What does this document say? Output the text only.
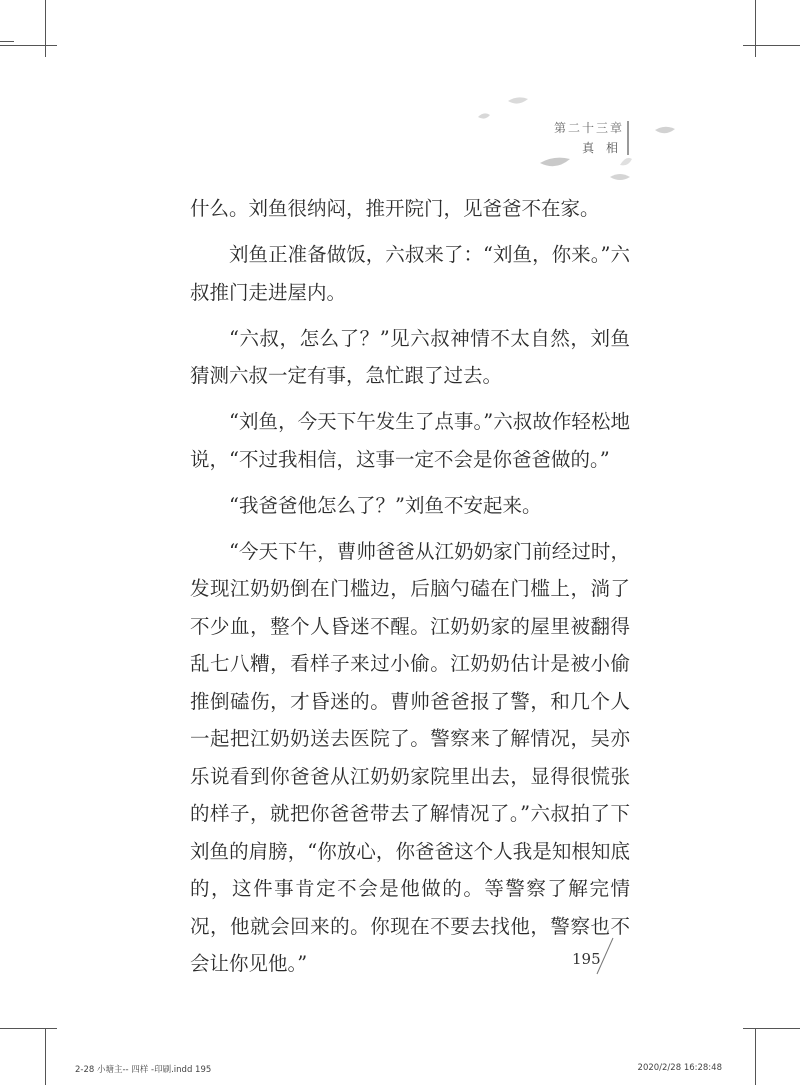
第二十三章
真 相

什么。刘鱼很纳闷，推开院门，见爸爸不在家。

刘鱼正准备做饭，六叔来了：“刘鱼，你来。”六叔推门走进屋内。

“六叔，怎么了？”见六叔神情不太自然，刘鱼猜测六叔一定有事，急忙跟了过去。

“刘鱼，今天下午发生了点事。”六叔故作轻松地说，“不过我相信，这事一定不会是你爸爸做的。”

“我爸爸他怎么了？”刘鱼不安起来。

“今天下午，曹帅爸爸从江奶奶家门前经过时，发现江奶奶倒在门槛边，后脑勺磕在门槛上，淌了不少血，整个人昏迷不醒。江奶奶家的屋里被翻得乱七八糟，看样子来过小偷。江奶奶估计是被小偷推倒磕伤，才昏迷的。曹帅爸爸报了警，和几个人一起把江奶奶送去医院了。警察来了解情况，吴亦乐说看到你爸爸从江奶奶家院里出去，显得很慌张的样子，就把你爸爸带去了解情况了。”六叔拍了下刘鱼的肩膀，“你放心，你爸爸这个人我是知根知底的，这件事肯定不会是他做的。等警察了解完情况，他就会回来的。你现在不要去找他，警察也不会让你见他。”	195
2-28 小塘主-- 四样 -印刷.indd 195	2020/2/28 16:28:48
